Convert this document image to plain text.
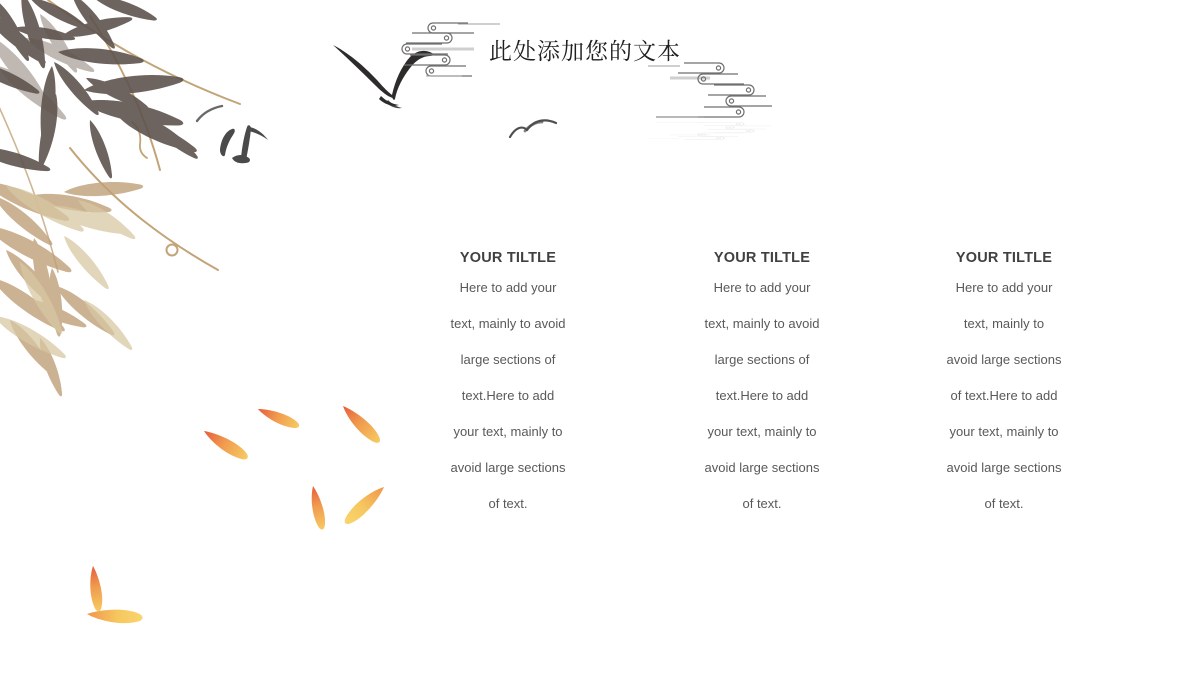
此处添加您的文本
YOUR TILTLE

Here to add your

text, mainly to avoid

large sections of

text.Here to add

your text, mainly to

avoid large sections

of text.

YOUR TILTLE

Here to add your

text, mainly to avoid

large sections of

text.Here to add

your text, mainly to

avoid large sections

of text.

YOUR TILTLE

Here to add your

text, mainly to

avoid large sections

of text.Here to add

your text, mainly to

avoid large sections

of text.
